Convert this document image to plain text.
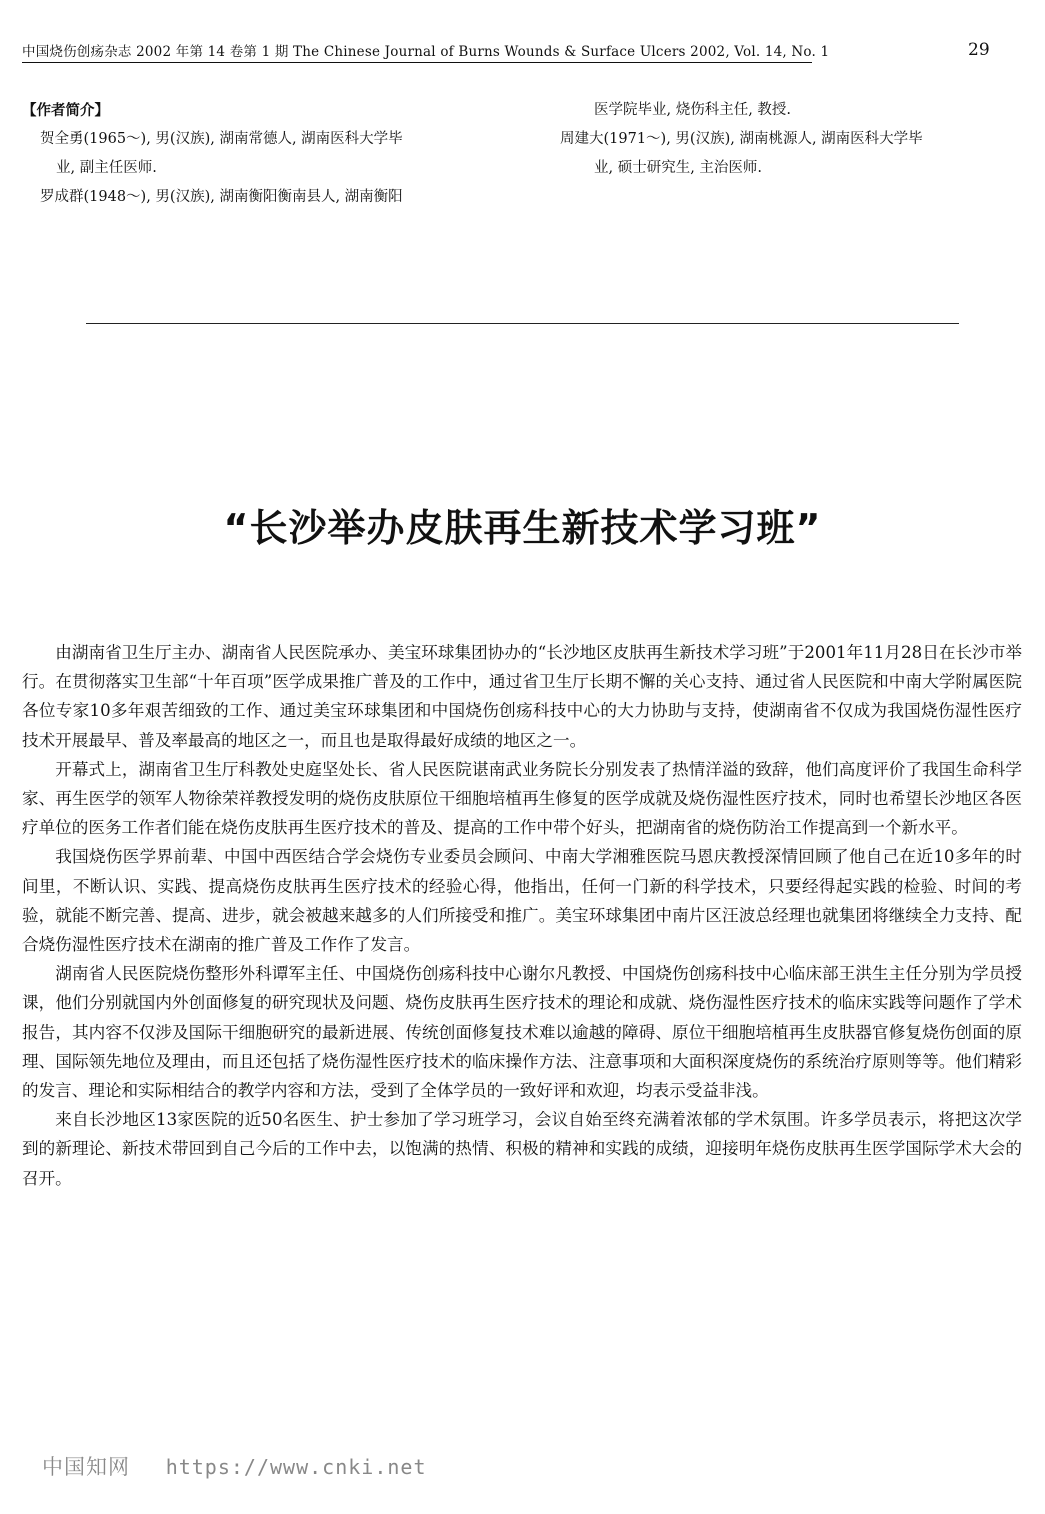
中国烧伤创疡杂志 2002 年第 14 卷第 1 期 The Chinese Journal of Burns Wounds & Surface Ulcers 2002, Vol. 14, No. 1	29
【作者简介】
贺全勇(1965～), 男(汉族), 湖南常德人, 湖南医科大学毕
业, 副主任医师.
罗成群(1948～), 男(汉族), 湖南衡阳衡南县人, 湖南衡阳
医学院毕业, 烧伤科主任, 教授.
周建大(1971～), 男(汉族), 湖南桃源人, 湖南医科大学毕
业, 硕士研究生, 主治医师.
“长沙举办皮肤再生新技术学习班”

由湖南省卫生厅主办、湖南省人民医院承办、美宝环球集团协办的“长沙地区皮肤再生新技术学习班”于2001年11月28日在长沙市举行。在贯彻落实卫生部“十年百项”医学成果推广普及的工作中，通过省卫生厅长期不懈的关心支持、通过省人民医院和中南大学附属医院各位专家10多年艰苦细致的工作、通过美宝环球集团和中国烧伤创疡科技中心的大力协助与支持，使湖南省不仅成为我国烧伤湿性医疗技术开展最早、普及率最高的地区之一，而且也是取得最好成绩的地区之一。

开幕式上，湖南省卫生厅科教处史庭坚处长、省人民医院谌南武业务院长分别发表了热情洋溢的致辞，他们高度评价了我国生命科学家、再生医学的领军人物徐荣祥教授发明的烧伤皮肤原位干细胞培植再生修复的医学成就及烧伤湿性医疗技术，同时也希望长沙地区各医疗单位的医务工作者们能在烧伤皮肤再生医疗技术的普及、提高的工作中带个好头，把湖南省的烧伤防治工作提高到一个新水平。

我国烧伤医学界前辈、中国中西医结合学会烧伤专业委员会顾问、中南大学湘雅医院马恩庆教授深情回顾了他自己在近10多年的时间里，不断认识、实践、提高烧伤皮肤再生医疗技术的经验心得，他指出，任何一门新的科学技术，只要经得起实践的检验、时间的考验，就能不断完善、提高、进步，就会被越来越多的人们所接受和推广。美宝环球集团中南片区汪波总经理也就集团将继续全力支持、配合烧伤湿性医疗技术在湖南的推广普及工作作了发言。

湖南省人民医院烧伤整形外科谭军主任、中国烧伤创疡科技中心谢尔凡教授、中国烧伤创疡科技中心临床部王洪生主任分别为学员授课，他们分别就国内外创面修复的研究现状及问题、烧伤皮肤再生医疗技术的理论和成就、烧伤湿性医疗技术的临床实践等问题作了学术报告，其内容不仅涉及国际干细胞研究的最新进展、传统创面修复技术难以逾越的障碍、原位干细胞培植再生皮肤器官修复烧伤创面的原理、国际领先地位及理由，而且还包括了烧伤湿性医疗技术的临床操作方法、注意事项和大面积深度烧伤的系统治疗原则等等。他们精彩的发言、理论和实际相结合的教学内容和方法，受到了全体学员的一致好评和欢迎，均表示受益非浅。

来自长沙地区13家医院的近50名医生、护士参加了学习班学习，会议自始至终充满着浓郁的学术氛围。许多学员表示，将把这次学到的新理论、新技术带回到自己今后的工作中去，以饱满的热情、积极的精神和实践的成绩，迎接明年烧伤皮肤再生医学国际学术大会的召开。

中国知网 https://www.cnki.net
